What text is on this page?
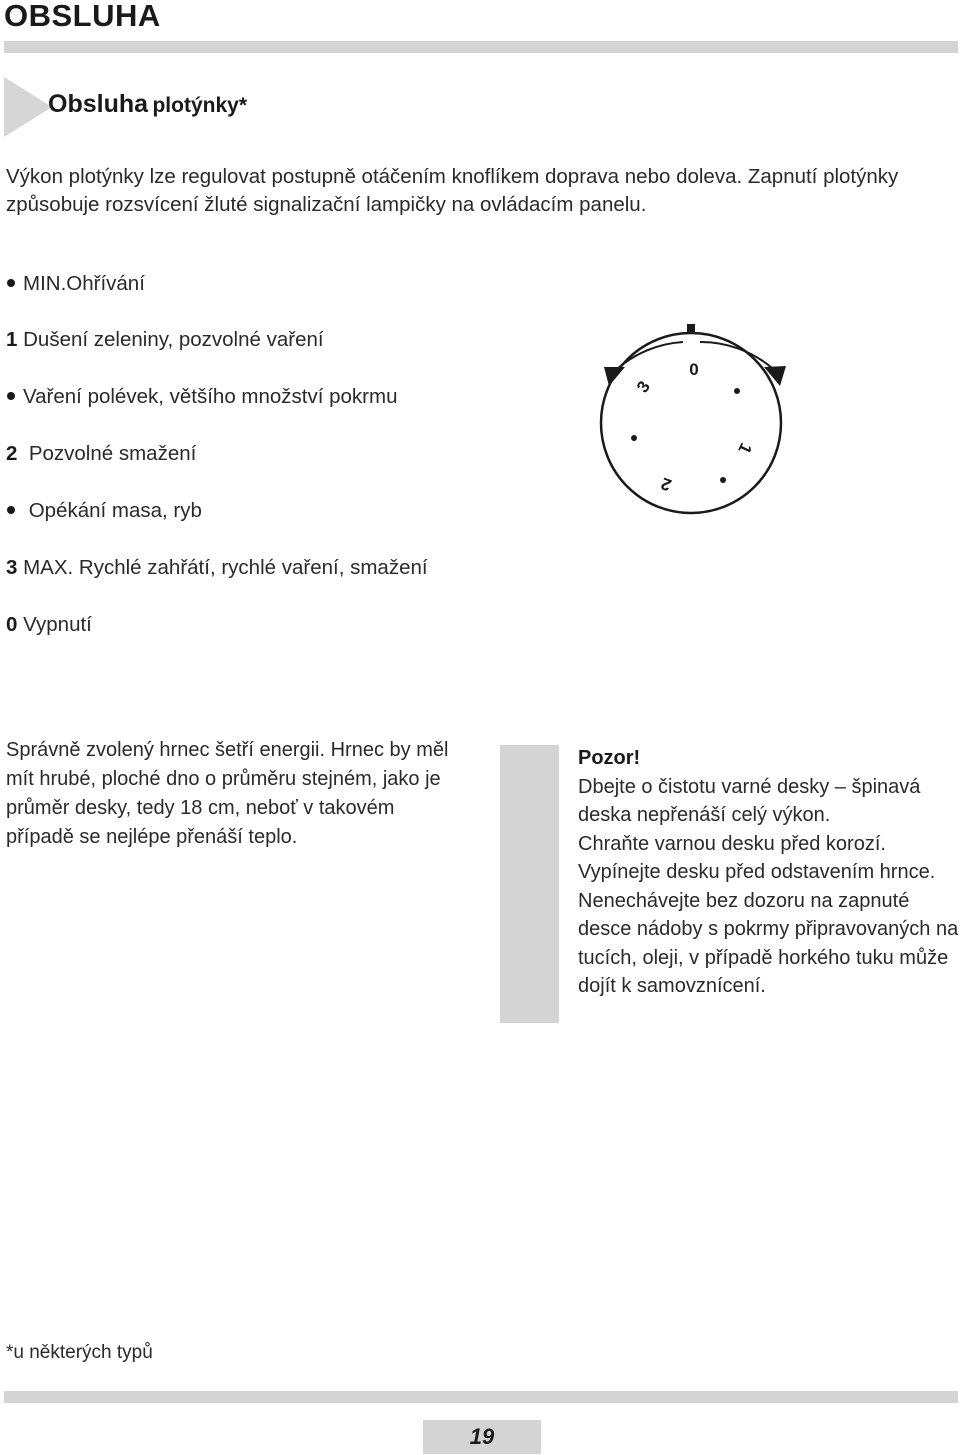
OBSLUHA
Obsluha plotýnky*
Výkon plotýnky lze regulovat postupně otáčením knoflíkem doprava nebo doleva. Zapnutí plotýnky způsobuje rozsvícení žluté signalizační lampičky na ovládacím panelu.
MIN.Ohřívání
1 Dušení zeleniny, pozvolné vaření
Vaření polévek, většího množství pokrmu
2 Pozvolné smažení
Opékání masa, ryb
3 MAX. Rychlé zahřátí, rychlé vaření, smažení
0 Vypnutí
0
3
1
2
Správně zvolený hrnec šetří energii. Hrnec by měl mít hrubé, ploché dno o průměru stejném, jako je průměr desky, tedy 18 cm, neboť v takovém případě se nejlépe přenáší teplo.

Pozor!

Dbejte o čistotu varné desky – špinavá deska nepřenáší celý výkon.

Chraňte varnou desku před korozí.

Vypínejte desku před odstavením hrnce.

Nenechávejte bez dozoru na zapnuté desce nádoby s pokrmy připravovaných na tucích, oleji, v případě horkého tuku může dojít k samovznícení.

*u některých typů
19
